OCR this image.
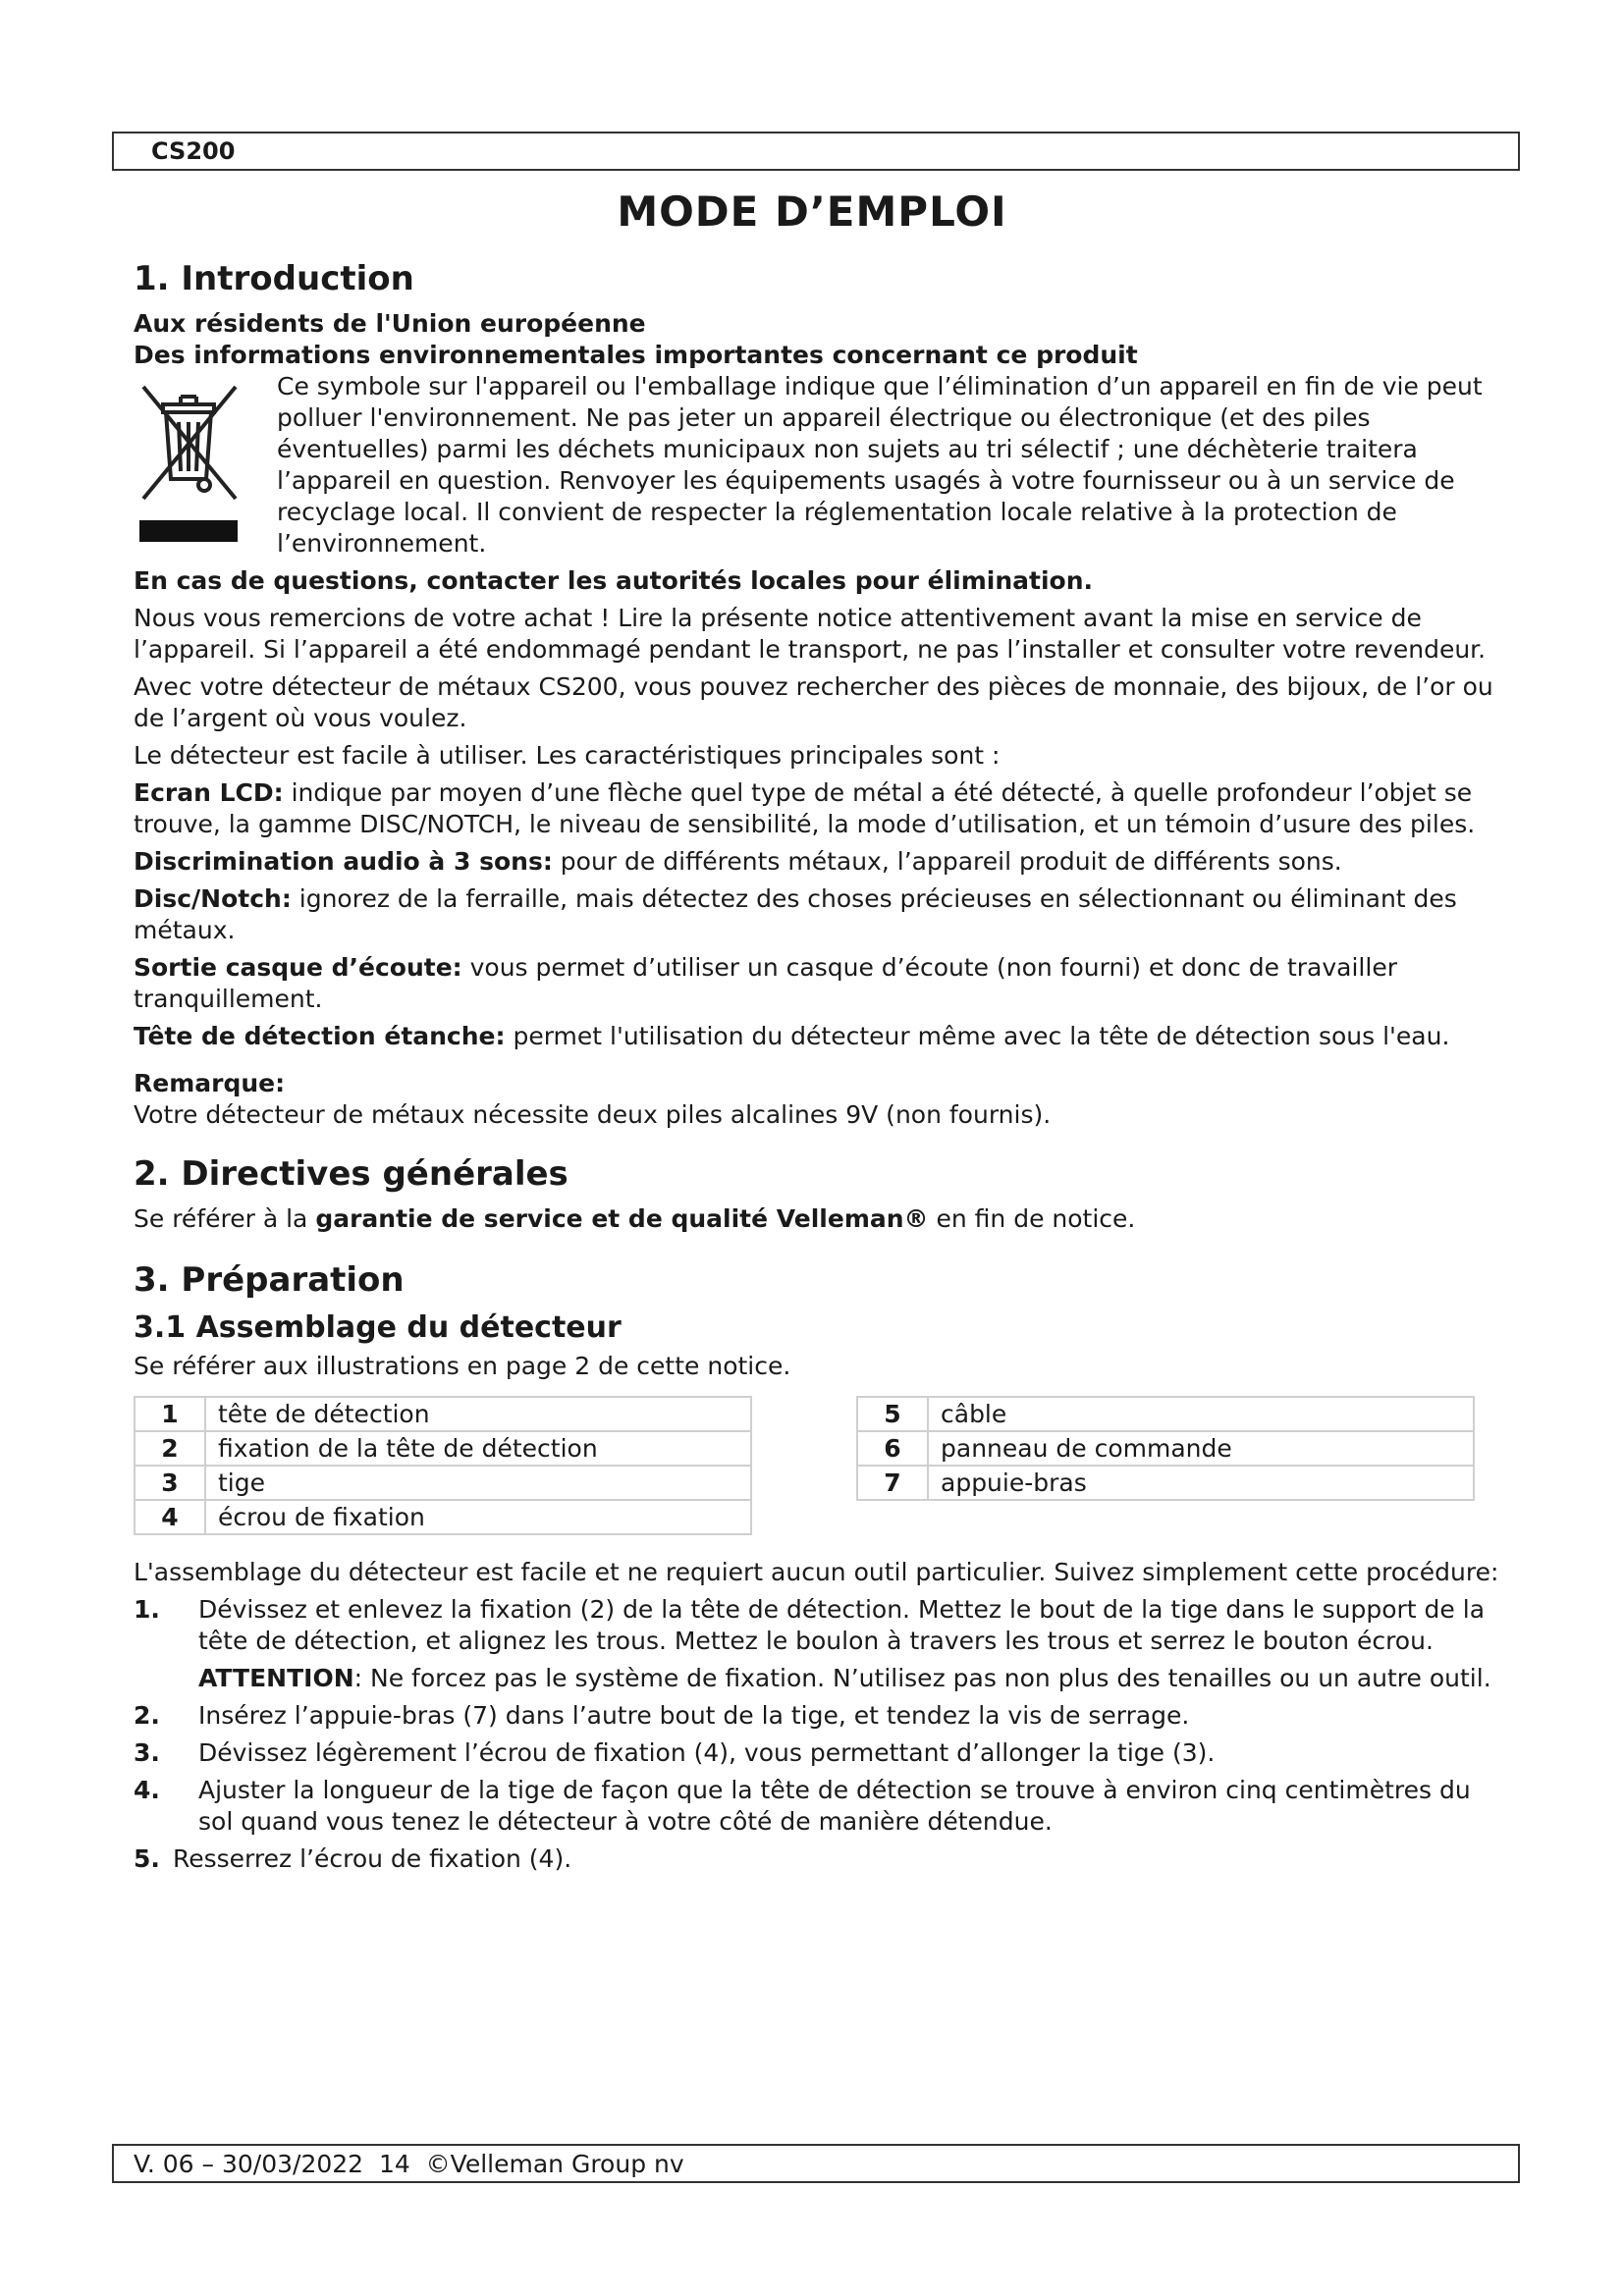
CS200
MODE D’EMPLOI
1. Introduction

Aux résidents de l'Union européenne

Des informations environnementales importantes concernant ce produit

Ce symbole sur l'appareil ou l'emballage indique que l’élimination d’un appareil en fin de vie peut polluer l'environnement. Ne pas jeter un appareil électrique ou électronique (et des piles éventuelles) parmi les déchets municipaux non sujets au tri sélectif ; une déchèterie traitera l’appareil en question. Renvoyer les équipements usagés à votre fournisseur ou à un service de recyclage local. Il convient de respecter la réglementation locale relative à la protection de l’environnement.

En cas de questions, contacter les autorités locales pour élimination.

Nous vous remercions de votre achat ! Lire la présente notice attentivement avant la mise en service de l’appareil. Si l’appareil a été endommagé pendant le transport, ne pas l’installer et consulter votre revendeur.

Avec votre détecteur de métaux CS200, vous pouvez rechercher des pièces de monnaie, des bijoux, de l’or ou de l’argent où vous voulez.

Le détecteur est facile à utiliser. Les caractéristiques principales sont :

Ecran LCD: indique par moyen d’une flèche quel type de métal a été détecté, à quelle profondeur l’objet se trouve, la gamme DISC/NOTCH, le niveau de sensibilité, la mode d’utilisation, et un témoin d’usure des piles.

Discrimination audio à 3 sons: pour de différents métaux, l’appareil produit de différents sons.

Disc/Notch: ignorez de la ferraille, mais détectez des choses précieuses en sélectionnant ou éliminant des métaux.

Sortie casque d’écoute: vous permet d’utiliser un casque d’écoute (non fourni) et donc de travailler tranquillement.

Tête de détection étanche: permet l'utilisation du détecteur même avec la tête de détection sous l'eau.

Remarque:

Votre détecteur de métaux nécessite deux piles alcalines 9V (non fournis).

2. Directives générales

Se référer à la garantie de service et de qualité Velleman® en fin de notice.

3. Préparation
3.1 Assemblage du détecteur

Se référer aux illustrations en page 2 de cette notice.

1	tête de détection
2	fixation de la tête de détection
3	tige
4	écrou de fixation
5	câble
6	panneau de commande
7	appuie-bras

L'assemblage du détecteur est facile et ne requiert aucun outil particulier. Suivez simplement cette procédure:

1. Dévissez et enlevez la fixation (2) de la tête de détection. Mettez le bout de la tige dans le support de la tête de détection, et alignez les trous. Mettez le boulon à travers les trous et serrez le bouton écrou.
ATTENTION: Ne forcez pas le système de fixation. N’utilisez pas non plus des tenailles ou un autre outil.
2. Insérez l’appuie-bras (7) dans l’autre bout de la tige, et tendez la vis de serrage.
3. Dévissez légèrement l’écrou de fixation (4), vous permettant d’allonger la tige (3).
4. Ajuster la longueur de la tige de façon que la tête de détection se trouve à environ cinq centimètres du sol quand vous tenez le détecteur à votre côté de manière détendue.
5. Resserrez l’écrou de fixation (4).
V. 06 – 30/03/2022  14  ©Velleman Group nv
